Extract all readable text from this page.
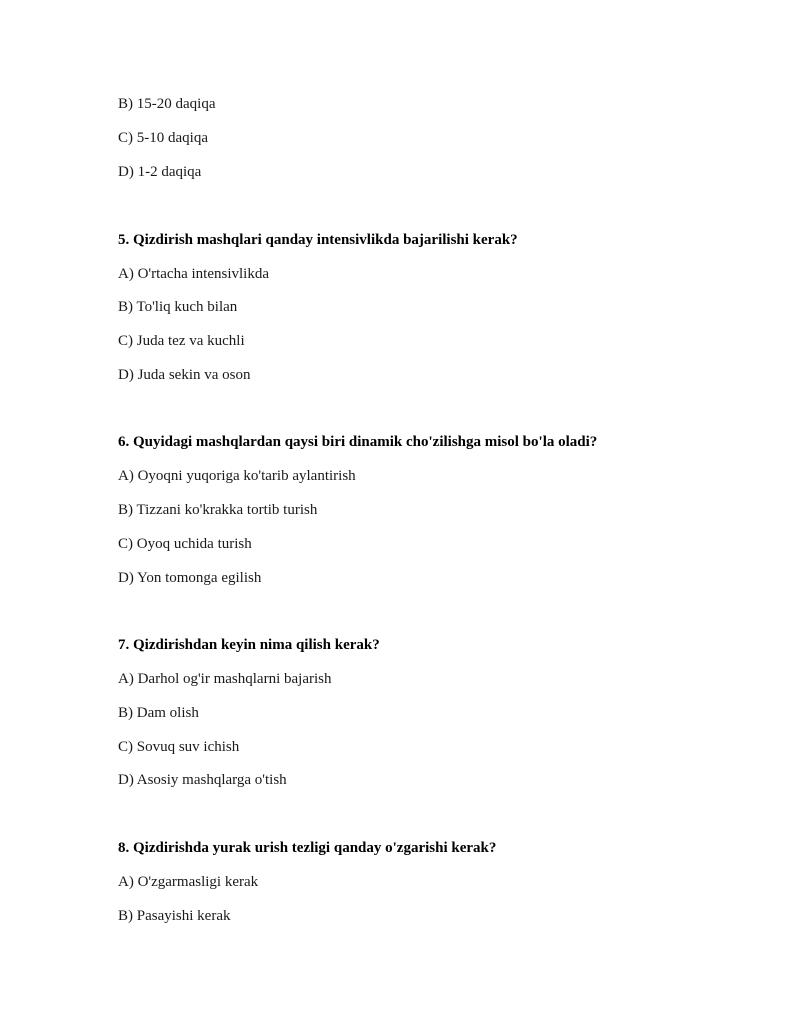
B) 15-20 daqiqa
C) 5-10 daqiqa
D) 1-2 daqiqa
5. Qizdirish mashqlari qanday intensivlikda bajarilishi kerak?
A) O'rtacha intensivlikda
B) To'liq kuch bilan
C) Juda tez va kuchli
D) Juda sekin va oson
6. Quyidagi mashqlardan qaysi biri dinamik cho'zilishga misol bo'la oladi?
A) Oyoqni yuqoriga ko'tarib aylantirish
B) Tizzani ko'krakka tortib turish
C) Oyoq uchida turish
D) Yon tomonga egilish
7. Qizdirishdan keyin nima qilish kerak?
A) Darhol og'ir mashqlarni bajarish
B) Dam olish
C) Sovuq suv ichish
D) Asosiy mashqlarga o'tish
8. Qizdirishda yurak urish tezligi qanday o'zgarishi kerak?
A) O'zgarmasligi kerak
B) Pasayishi kerak
